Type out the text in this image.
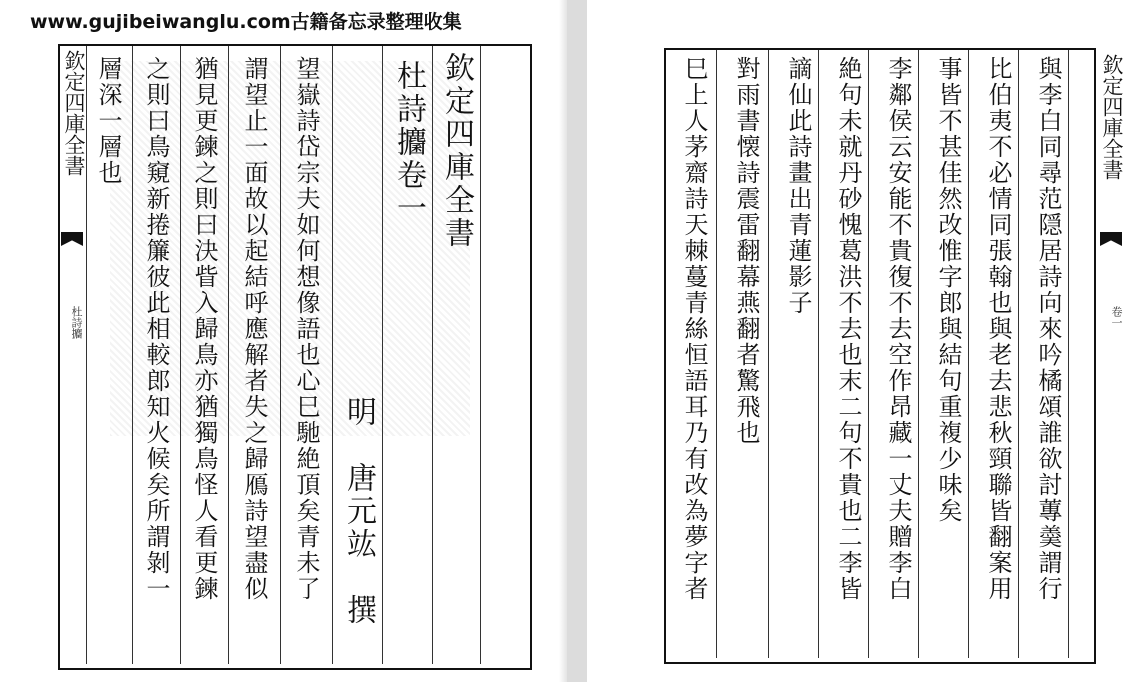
www.gujibeiwanglu.com古籍备忘录整理收集
欽定四庫全書
杜詩攟
欽定四庫全書
杜詩攟卷一
明　唐元竑　撰
望嶽詩岱宗夫如何想像語也心巳馳絶頂矣青未了
謂望止一面故以起結呼應解者失之歸鴈詩望盡似
猶見更鍊之則曰決眥入歸鳥亦猶獨鳥怪人看更鍊
之則曰鳥窺新捲簾彼此相較郎知火候矣所謂剝一
層深一層也	與李白同尋范隠居詩向來吟橘頌誰欲討蓴羮謂行
比伯夷不必情同張翰也與老去悲秋頸聯皆翻案用
事皆不甚佳然改惟字郎與結句重複少味矣
李鄰侯云安能不貴復不去空作昂藏一丈夫贈李白
絶句未就丹砂愧葛洪不去也末二句不貴也二李皆
謫仙此詩畫出青蓮影子
對雨書懐詩震雷翻幕燕翻者驚飛也
巳上人茅齋詩天棘蔓青絲恒語耳乃有改為夢字者	欽定四庫全書
卷一
